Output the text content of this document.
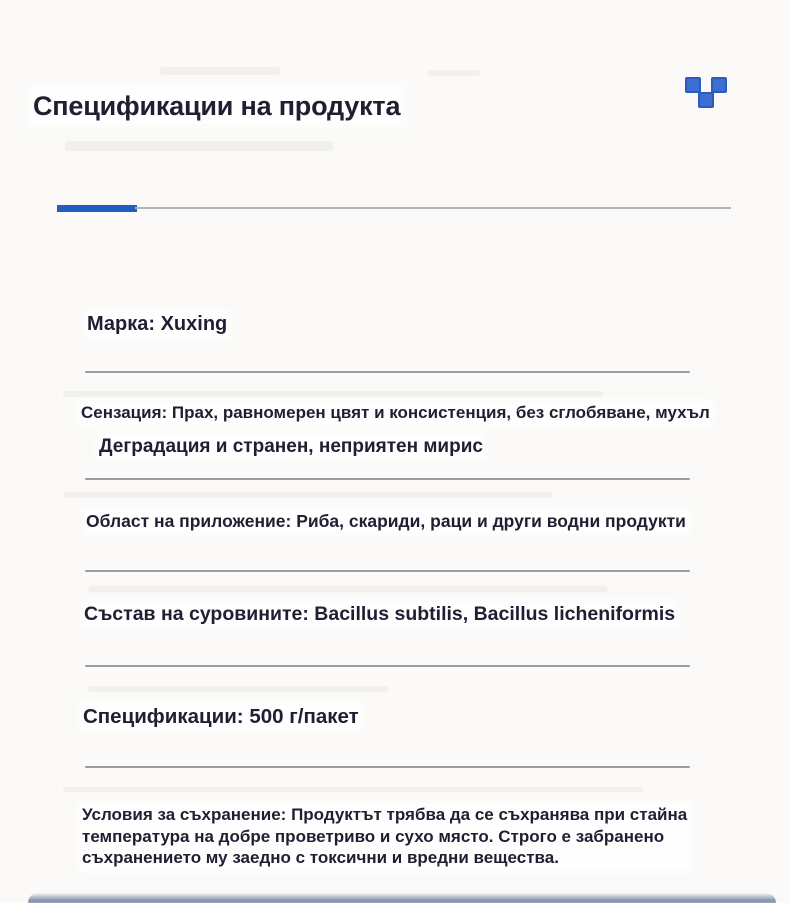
Спецификации на продукта

Марка: Xuxing

Сензация: Прах, равномерен цвят и консистенция, без сглобяване, мухъл

Деградация и странен, неприятен мирис

Област на приложение: Риба, скариди, раци и други водни продукти

Състав на суровините: Bacillus subtilis, Bacillus licheniformis

Спецификации: 500 г/пакет

Условия за съхранение: Продуктът трябва да се съхранява при стайна
температура на добре проветриво и сухо място. Строго е забранено
съхранението му заедно с токсични и вредни вещества.
